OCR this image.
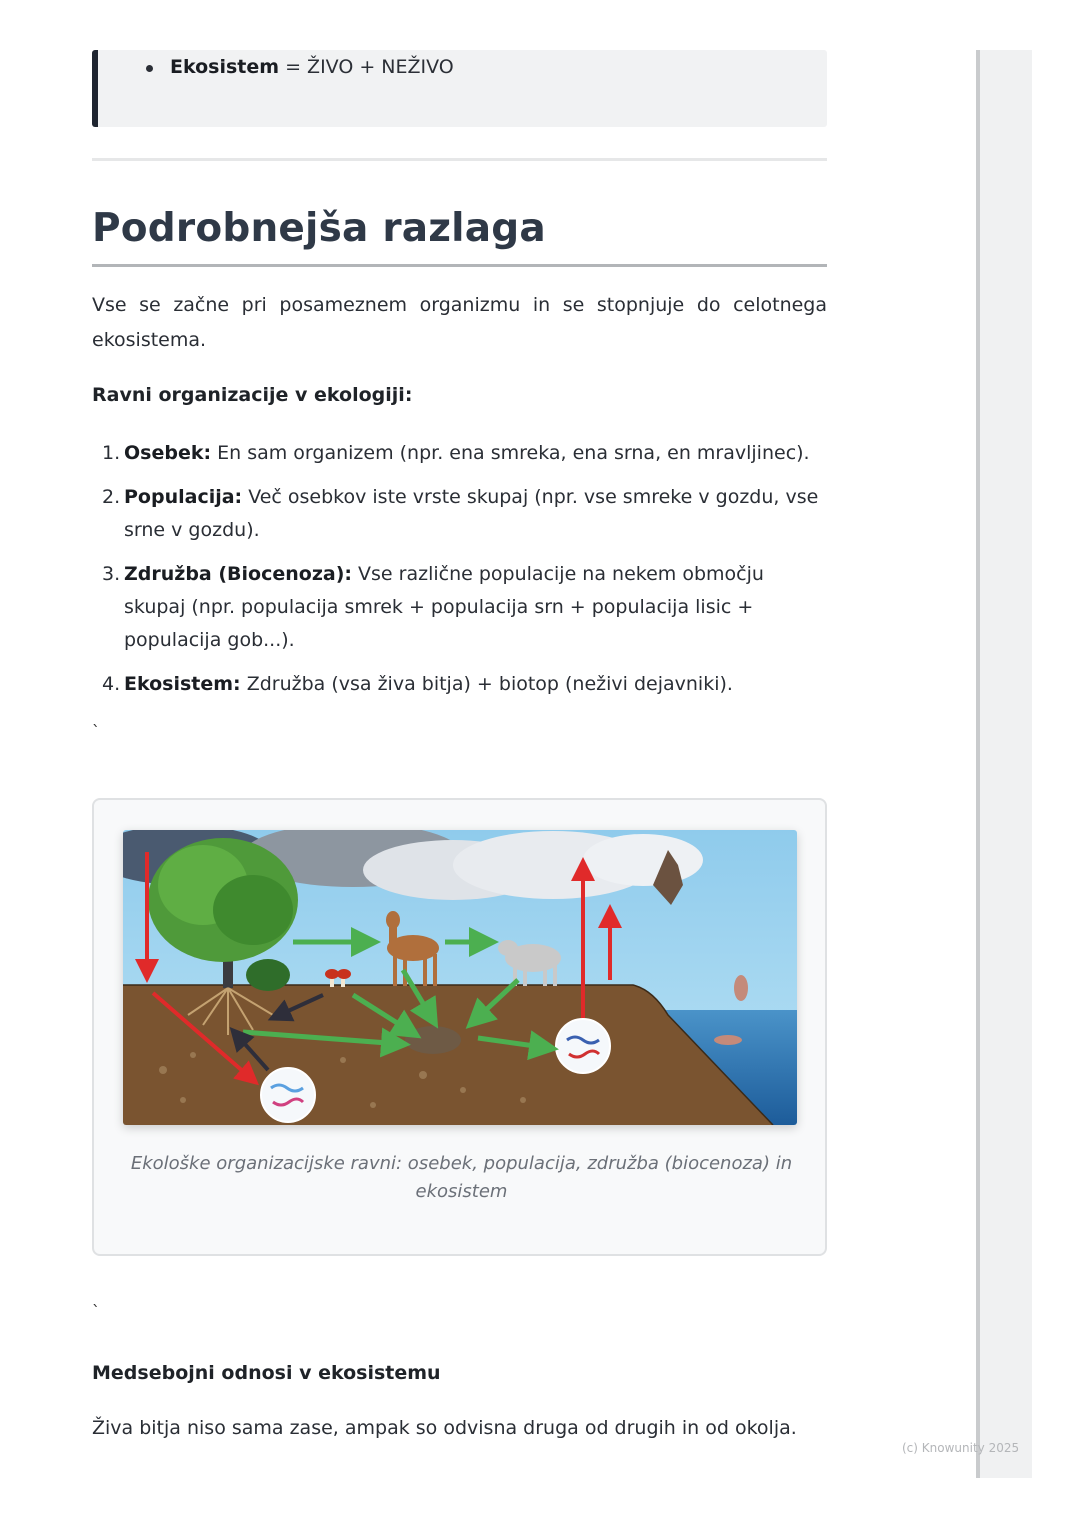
Ekosistem = ŽIVO + NEŽIVO
Podrobnejša razlaga

Vse se začne pri posameznem organizmu in se stopnjuje do celotnega ekosistema.

Ravni organizacije v ekologiji:
1. Osebek: En sam organizem (npr. ena smreka, ena srna, en mravljinec).
2. Populacija: Več osebkov iste vrste skupaj (npr. vse smreke v gozdu, vse srne v gozdu).
3. Združba (Biocenoza): Vse različne populacije na nekem območju skupaj (npr. populacija smrek + populacija srn + populacija lisic + populacija gob...).
4. Ekosistem: Združba (vsa živa bitja) + biotop (neživi dejavniki).
`
Ekološke organizacijske ravni: osebek, populacija, združba (biocenoza) in ekosistem
`
Medsebojni odnosi v ekosistemu

Živa bitja niso sama zase, ampak so odvisna druga od drugih in od okolja.

(c) Knowunity 2025
